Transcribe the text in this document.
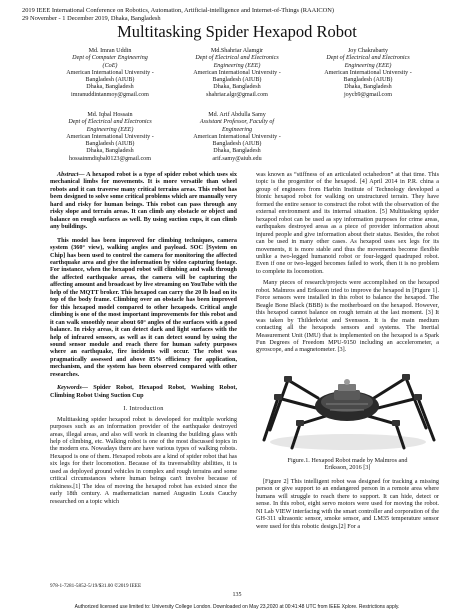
2019 IEEE International Conference on Robotics, Automation, Artificial-intelligence and Internet-of-Things (RAAICON)
29 November - 1 December 2019, Dhaka, Bangladesh
Multitasking Spider Hexapod Robot
Md. Imran Uddin
Dept of Computer Engineering
(CoE)
American International University -
Bangladesh (AIUB)
Dhaka, Bangladesh
imranuddintanmoy@gmail.com
Md.Shahriar Alamgir
Dept of Electrical and Electronics
Engineering (EEE)
American International University -
Bangladesh (AIUB)
Dhaka, Bangladesh
shahriar.algr@gmail.com
Joy Chakrabarty
Dept of Electrical and Electronics
Engineering (EEE)
American International University -
Bangladesh (AIUB)
Dhaka, Bangladesh
joycb9@gmail.com
Md. Iqbal Hossain
Dept of Electrical and Electronics
Engineering (EEE)
American International University -
Bangladesh (AIUB)
Dhaka, Bangladesh
hossainmdiqbal0123@gmail.com
Md. Arif Abdulla Samy
Assistant Professor, Faculty of
Engineering
American International University -
Bangladesh (AIUB)
Dhaka, Bangladesh
arif.samy@aiub.edu

Abstract— A hexapod robot is a type of spider robot which uses six mechanical limbs for movements. It is more versatile than wheel robots and it can traverse many critical terrains areas. This robot has been designed to solve some critical problems which are manually very hard and risky for human beings. This robot can pass through any risky slope and terrain areas. It can climb any obstacle or object and balance on rough surfaces as well. By using suction cups, it can climb any buildings.

This model has been improved for climbing techniques, camera system (360° view), walking angles and payload. SOC [System on Chip] has been used to control the camera for monitoring the affected earthquake area and give the information by video capturing footage. For instance, when the hexapod robot will climbing and walk through the affected earthquake areas, the camera will be capturing the affecting amount and broadcast by live streaming on YouTube with the help of the MQTT broker. This hexapod can carry the 20 lb load on its top of the body frame. Climbing over an obstacle has been improved for this hexapod model compared to other hexapods. Critical angle climbing is one of the most important improvements for this robot and it can walk smoothly near about 60° angles of the surfaces with a good balance. In risky areas, it can detect dark and light surfaces with the help of infrared sensors, as well as it can detect sound by using the sound sensor module and reach there for human safety purposes where an earthquake, fire incidents will occur. The robot was pragmatically assessed and above 85% efficiency for application, mechanism, and the system has been observed compared with other researches.

Keywords— Spider Robot, Hexapod Robot, Washing Robot, Climbing Robot Using Suction Cup

I. Introduction

Multitasking spider hexapod robot is developed for multiple working purposes such as an information provider of the earthquake destroyed areas, illegal areas, and also will work in cleaning the building glass with help of climbing, etc. Walking robot is one of the most discussed topics in the modern era. Nowadays there are have various types of walking robots. Hexapod is one of them. Hexapod robots are a kind of spider robot that has six legs for their locomotion. Because of its traversability abilities, it is used as deployed ground vehicles in complex and rough terrains and some critical circumstances where human beings can't involve because of riskiness.[1] The idea of moving the hexapod robot has existed since the early 18th century. A mathematician named Augustin Louis Cauchy researched on a topic which

was known as “stiffness of an articulated octahedron” at that time. This topic is the progenitor of the hexapod. [4] April 2014 in P.R. china a group of engineers from Harbin Institute of Technology developed a bionic hexapod robot for walking on unstructured terrain. They have formed the entire sensor to construct the robot with the observation of the external environment and its internal situation. [5] Multitasking spider hexapod robot can be used as spy information purposes for crime areas, earthquakes destroyed areas as a piece of provider information about injured people and give information about their status. Besides, the robot can be used in many other cases. As hexapod uses sex legs for its movements, it is more stable and thus the movements become flexible unlike a two-legged humanoid robot or four-legged quadruped robot. Even if one or two-legged becomes failed to work, then it is no problem to complete its locomotion.

Many pieces of research/projects were accomplished on the hexapod robot. Malmros and Eriksson tried to improve the hexapod in [Figure 1]. Force sensors were installed in this robot to balance the hexapod. The Beagle Bone Black (BBB) is the motherboard on the hexapod. However, this hexapod cannot balance on rough terrain at the last moment. [3] It was taken by Thilderkvist and Svensson. It is the main medium contacting all the hexapods sensors and systems. The Inertial Measurement Unit (IMU) that is implemented on the hexapod is a Spark Fun Degrees of Freedom MPU-9150 including an accelerometer, a gyroscope, and a magnetometer. [3].

Figure.1. Hexapod Robot made by Malmros and
Eriksson, 2016 [3]

[Figure 2] This intelligent robot was designed for tracking a missing person or give support to an endangered person in a remote area where humans will struggle to reach there to support. It can hide, detect or sense. In this robot, eight servo motors were used for moving the robot. NI Lab VIEW interfacing with the smart controller and corporation of the GH-311 ultrasonic sensor, smoke sensor, and LM35 temperature sensor were used for this robotic design.[2] For a

978-1-7281-5852-5/19/$31.00 ©2019 IEEE
135
Authorized licensed use limited to: University College London. Downloaded on May 23,2020 at 00:41:48 UTC from IEEE Xplore. Restrictions apply.
